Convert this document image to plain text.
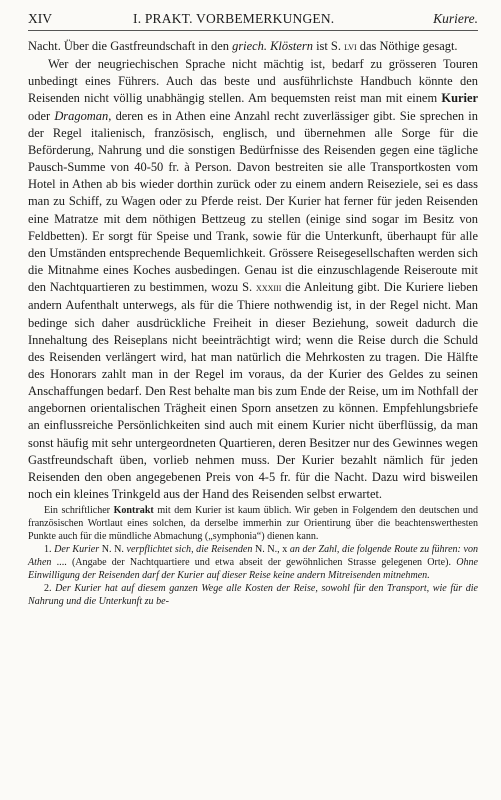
XIV	I. PRAKT. VORBEMERKUNGEN.	Kuriere.

Nacht. Über die Gastfreundschaft in den griech. Klöstern ist S. lvi das Nöthige gesagt.

Wer der neugriechischen Sprache nicht mächtig ist, bedarf zu grösseren Touren unbedingt eines Führers. Auch das beste und ausführlichste Handbuch könnte den Reisenden nicht völlig unabhängig stellen. Am bequemsten reist man mit einem Kurier oder Dragoman, deren es in Athen eine Anzahl recht zuverlässiger gibt. Sie sprechen in der Regel italienisch, französisch, englisch, und übernehmen alle Sorge für die Beförderung, Nahrung und die sonstigen Bedürfnisse des Reisenden gegen eine tägliche Pausch-Summe von 40-50 fr. à Person. Davon bestreiten sie alle Transportkosten vom Hotel in Athen ab bis wieder dorthin zurück oder zu einem andern Reiseziele, sei es dass man zu Schiff, zu Wagen oder zu Pferde reist. Der Kurier hat ferner für jeden Reisenden eine Matratze mit dem nöthigen Bettzeug zu stellen (einige sind sogar im Besitz von Feldbetten). Er sorgt für Speise und Trank, sowie für die Unterkunft, überhaupt für alle den Umständen entsprechende Bequemlichkeit. Grössere Reisegesellschaften werden sich die Mitnahme eines Koches ausbedingen. Genau ist die einzuschlagende Reiseroute mit den Nachtquartieren zu bestimmen, wozu S. xxxiii die Anleitung gibt. Die Kuriere lieben andern Aufenthalt unterwegs, als für die Thiere nothwendig ist, in der Regel nicht. Man bedinge sich daher ausdrückliche Freiheit in dieser Beziehung, soweit dadurch die Innehaltung des Reiseplans nicht beeinträchtigt wird; wenn die Reise durch die Schuld des Reisenden verlängert wird, hat man natürlich die Mehrkosten zu tragen. Die Hälfte des Honorars zahlt man in der Regel im voraus, da der Kurier des Geldes zu seinen Anschaffungen bedarf. Den Rest behalte man bis zum Ende der Reise, um im Nothfall der angebornen orientalischen Trägheit einen Sporn ansetzen zu können. Empfehlungsbriefe an einflussreiche Persönlichkeiten sind auch mit einem Kurier nicht überflüssig, da man sonst häufig mit sehr untergeordneten Quartieren, deren Besitzer nur des Gewinnes wegen Gastfreundschaft üben, vorlieb nehmen muss. Der Kurier bezahlt nämlich für jeden Reisenden den oben angegebenen Preis von 4-5 fr. für die Nacht. Dazu wird bisweilen noch ein kleines Trinkgeld aus der Hand des Reisenden selbst erwartet.

Ein schriftlicher Kontrakt mit dem Kurier ist kaum üblich. Wir geben in Folgendem den deutschen und französischen Wortlaut eines solchen, da derselbe immerhin zur Orientirung über die beachtenswerthesten Punkte auch für die mündliche Abmachung („symphonia“) dienen kann.

1. Der Kurier N. N. verpflichtet sich, die Reisenden N. N., x an der Zahl, die folgende Route zu führen: von Athen .... (Angabe der Nachtquartiere und etwa abseit der gewöhnlichen Strasse gelegenen Orte). Ohne Einwilligung der Reisenden darf der Kurier auf dieser Reise keine andern Mitreisenden mitnehmen.

2. Der Kurier hat auf diesem ganzen Wege alle Kosten der Reise, sowohl für den Transport, wie für die Nahrung und die Unterkunft zu be-
